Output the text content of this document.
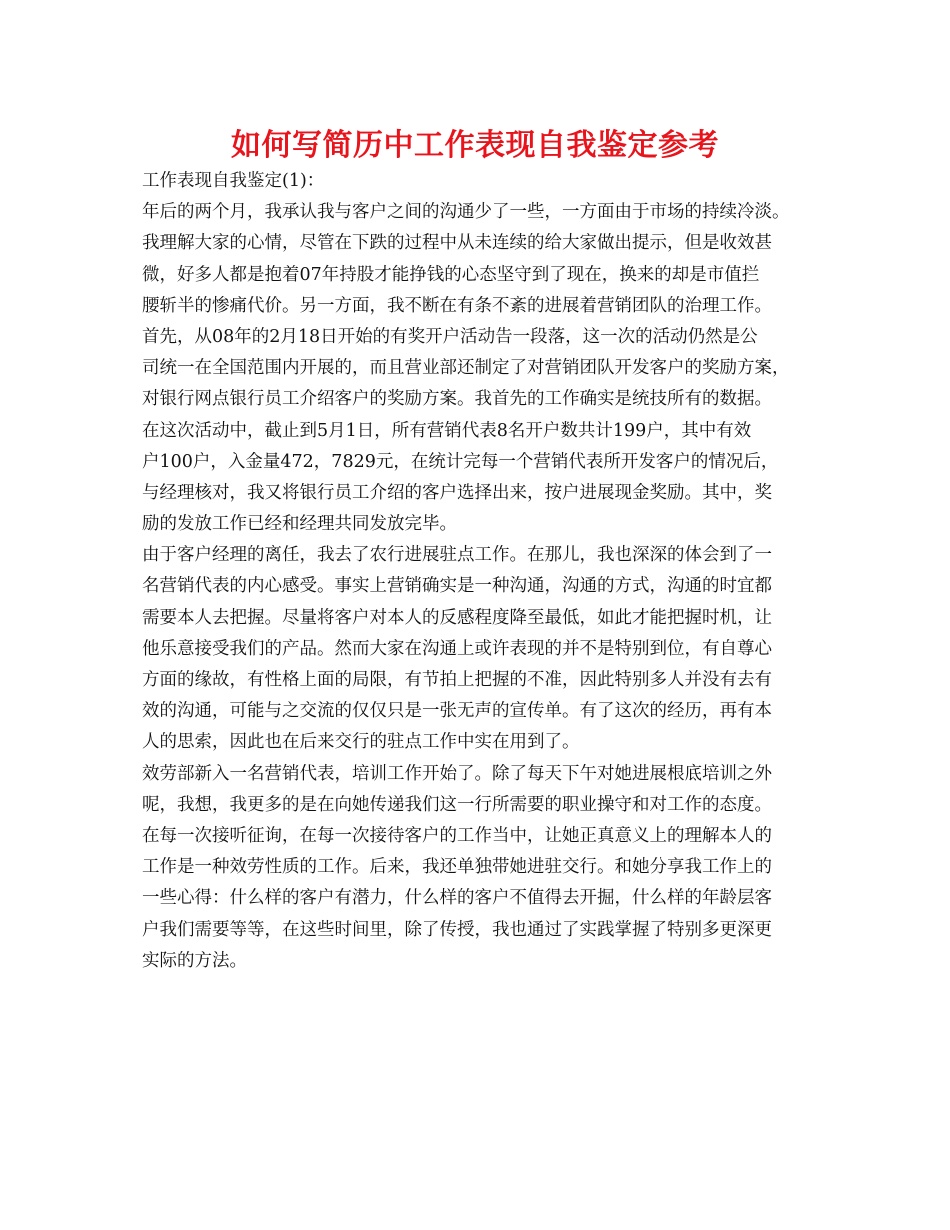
如何写简历中工作表现自我鉴定参考
工作表现自我鉴定(1)：
年后的两个月，我承认我与客户之间的沟通少了一些，一方面由于市场的持续冷淡。
我理解大家的心情，尽管在下跌的过程中从未连续的给大家做出提示，但是收效甚
微，好多人都是抱着07年持股才能挣钱的心态坚守到了现在，换来的却是市值拦
腰斩半的惨痛代价。另一方面，我不断在有条不紊的进展着营销团队的治理工作。
首先，从08年的2月18日开始的有奖开户活动告一段落，这一次的活动仍然是公
司统一在全国范围内开展的，而且营业部还制定了对营销团队开发客户的奖励方案，
对银行网点银行员工介绍客户的奖励方案。我首先的工作确实是统技所有的数据。
在这次活动中，截止到5月1日，所有营销代表8名开户数共计199户，其中有效
户100户，入金量472，7829元，在统计完每一个营销代表所开发客户的情况后，
与经理核对，我又将银行员工介绍的客户选择出来，按户进展现金奖励。其中，奖
励的发放工作已经和经理共同发放完毕。
由于客户经理的离任，我去了农行进展驻点工作。在那儿，我也深深的体会到了一
名营销代表的内心感受。事实上营销确实是一种沟通，沟通的方式，沟通的时宜都
需要本人去把握。尽量将客户对本人的反感程度降至最低，如此才能把握时机，让
他乐意接受我们的产品。然而大家在沟通上或许表现的并不是特别到位，有自尊心
方面的缘故，有性格上面的局限，有节拍上把握的不准，因此特别多人并没有去有
效的沟通，可能与之交流的仅仅只是一张无声的宣传单。有了这次的经历，再有本
人的思索，因此也在后来交行的驻点工作中实在用到了。
效劳部新入一名营销代表，培训工作开始了。除了每天下午对她进展根底培训之外
呢，我想，我更多的是在向她传递我们这一行所需要的职业操守和对工作的态度。
在每一次接听征询，在每一次接待客户的工作当中，让她正真意义上的理解本人的
工作是一种效劳性质的工作。后来，我还单独带她进驻交行。和她分享我工作上的
一些心得：什么样的客户有潜力，什么样的客户不值得去开掘，什么样的年龄层客
户我们需要等等，在这些时间里，除了传授，我也通过了实践掌握了特别多更深更
实际的方法。
